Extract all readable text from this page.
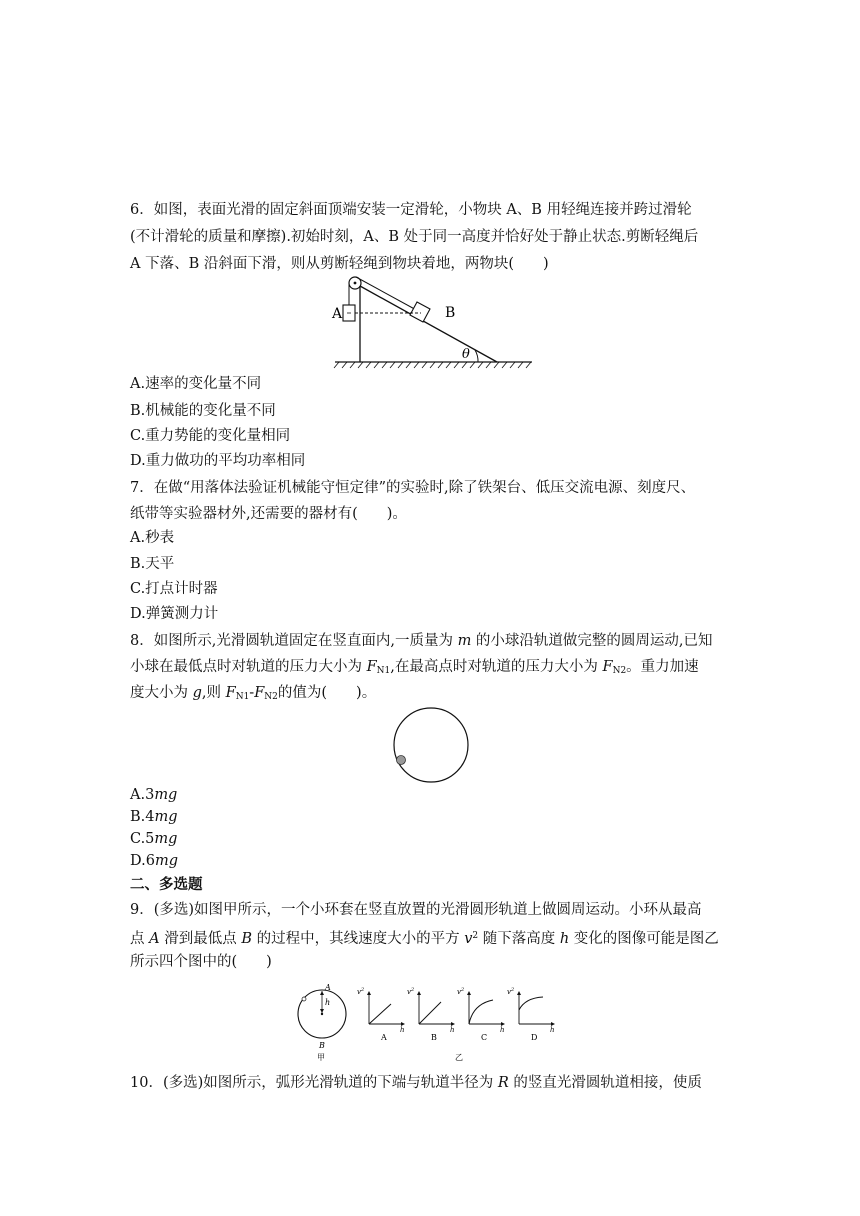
6．如图，表面光滑的固定斜面顶端安装一定滑轮，小物块 A、B 用轻绳连接并跨过滑轮
(不计滑轮的质量和摩擦).初始时刻，A、B 处于同一高度并恰好处于静止状态.剪断轻绳后
A 下落、B 沿斜面下滑，则从剪断轻绳到物块着地，两物块(　　)
A	B
θ
A.速率的变化量不同
B.机械能的变化量不同
C.重力势能的变化量相同
D.重力做功的平均功率相同
7．在做“用落体法验证机械能守恒定律”的实验时,除了铁架台、低压交流电源、刻度尺、
纸带等实验器材外,还需要的器材有(　　)。
A.秒表
B.天平
C.打点计时器
D.弹簧测力计
8．如图所示,光滑圆轨道固定在竖直面内,一质量为 m 的小球沿轨道做完整的圆周运动,已知
小球在最低点时对轨道的压力大小为 $F_{N1}$,在最高点时对轨道的压力大小为 $F_{N2}$。重力加速
度大小为 g,则 $F_{N1}-F_{N2}$的值为(　　)。
A.3mg
B.4mg
C.5mg
D.6mg
二、多选题
9．(多选)如图甲所示，一个小环套在竖直放置的光滑圆形轨道上做圆周运动。小环从最高
点 A 滑到最低点 B 的过程中，其线速度大小的平方 $v^2$ 随下落高度 h 变化的图像可能是图乙
所示四个图中的(　　)
A
h
B
甲
$v^2$
h
A
$v^2$
h
B
$v^2$
h
C
$v^2$
h
D
乙
10．(多选)如图所示，弧形光滑轨道的下端与轨道半径为 R 的竖直光滑圆轨道相接，使质
